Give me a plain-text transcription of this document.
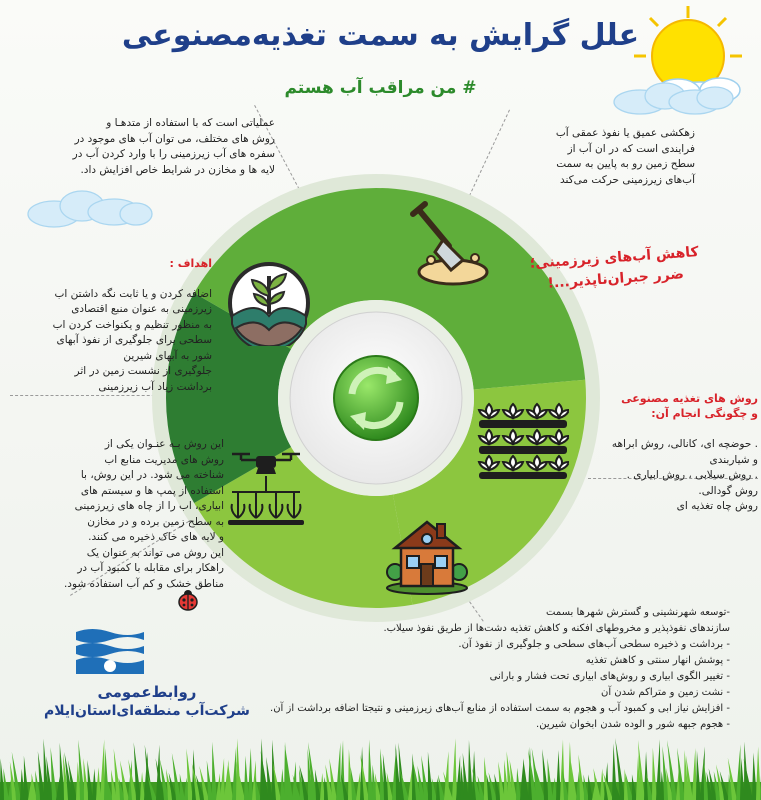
علل گرایش به سمت تغذیه‌مصنوعی
# من مراقب آب هستم
عملیاتی است که با استفاده از متدهـا و
روش های مختلف، می توان آب های موجود در
سفره های آب زیرزمینی را با وارد کردن آب در
لایه ها و مخازن در شرایط خاص افزایش داد.
زهکشی عمیق یا نفوذ عمقی آب
فرایندی است که در ان آب از
سطح زمین رو به پایین به سمت
آب‌های زیرزمینی حرکت می‌کند

اهداف :

اضافه کردن و یا ثابت نگه داشتن اب
زیرزمینی به عنوان منبع اقتصادی
به منظور تنظیم و یکنواخت کردن اب
سطحی برای جلوگیری از نفوذ آبهای
شور به آبهای شیرین
جلوگیری از نشست زمین در اثر
برداشت زیاد آب زیرزمینی

کاهش آب‌های زیرزمینی؛
ضرر جبران‌ناپذیر...!

روش های تغذیه مصنوعی
و چگونگی انجام آن:

. حوضچه ای، کانالی، روش ابراهه
و شیاربندی
. روش سیلابی ، روش ابیاری .
روش گودالی.
روش چاه تغذیه ای

این روش بـه عنـوان یکی از
روش های مدیریت منابع اب
شناخته می شود. در این روش، با
استفاده از پمپ ها و سیستم های
ابیاری، اب را از چاه های زیرزمینی
به سطح زمین برده و در مخازن
و لایه های خاک ذخیره می کنند.
این روش می تواند به عنوان یک
راهکار برای مقابله با کمبود آب در
مناطق خشک و کم آب استفاده شود.
-توسعه شهرنشینی و گسترش شهرها بسمت
سازندهای نفوذپذیر و مخروطهای افکنه و کاهش تغذیه دشت‌ها از طریق نفوذ سیلاب.
- برداشت و ذخیره سطحی آب‌های سطحی و جلوگیری از نفوذ آن.
- پوشش انهار سنتی و کاهش تغذیه
- تغییر الگوی ابیاری و روش‌های ابیاری تحت فشار و بارانی
- نشت زمین و متراکم شدن آن
- افزایش نیاز ابی و کمبود آب و هجوم به سمت استفاده از منابع آب‌های زیرزمینی و نتیجتا اضافه برداشت از آن.
- هجوم جبهه شور و الوده شدن ابخوان شیرین.
روابط‌عمومی
شرکت‌آب منطقه‌ای‌استان‌ایلام
